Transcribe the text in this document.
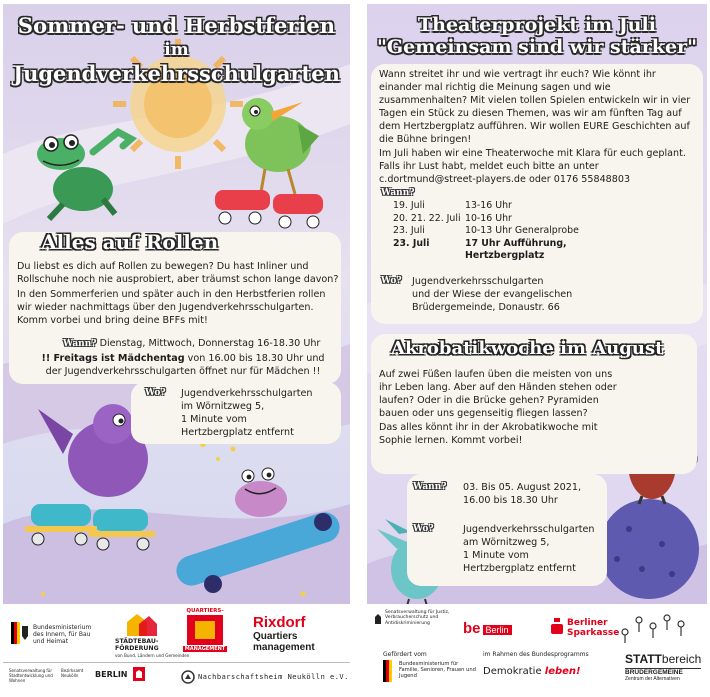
Sommer- und Herbstferien
im
Jugendverkehrsschulgarten
Alles auf Rollen
Du liebst es dich auf Rollen zu bewegen? Du hast Inliner und Rollschuhe noch nie ausprobiert, aber träumst schon lange davon?
In den Sommerferien und später auch in den Herbstferien rollen wir wieder nachmittags über den Jugendverkehrsschulgarten. Komm vorbei und bring deine BFFs mit!
Wann? Dienstag, Mittwoch, Donnerstag 16-18.30 Uhr
!! Freitags ist Mädchentag von 16.00 bis 18.30 Uhr und der Jugendverkehrsschulgarten öffnet nur für Mädchen !!
Wo? Jugendverkehrsschulgarten
im Wörnitzweg 5,
1 Minute vom
Hertzbergplatz entfernt
Bundesministerium
des Innern, für Bau
und Heimat	STÄDTEBAU-
FÖRDERUNG
von Bund, Ländern und Gemeinden
QUARTIERS-
MANAGEMENT
Rixdorf
Quartiers
management
Senatsverwaltung für Stadtentwicklung und Wohnen
Bezirksamt Neukölln	BERLIN	Nachbarschaftsheim Neukölln e.V.
Theaterprojekt im Juli
"Gemeinsam sind wir stärker"
Wann streitet ihr und wie vertragt ihr euch? Wie könnt ihr einander mal richtig die Meinung sagen und wie zusammenhalten? Mit vielen tollen Spielen entwickeln wir in vier Tagen ein Stück zu diesen Themen, was wir am fünften Tag auf dem Hertzbergplatz aufführen. Wir wollen EURE Geschichten auf die Bühne bringen!
Im Juli haben wir eine Theaterwoche mit Klara für euch geplant. Falls ihr Lust habt, meldet euch bitte an unter
c.dortmund@street-players.de oder 0176 55848803
Wann?
19. Juli	13-16 Uhr
20. 21. 22. Juli 10-16 Uhr
23. Juli	10-13 Uhr Generalprobe
23. Juli	17 Uhr Aufführung,
Hertzbergplatz
Wo? Jugendverkehrsschulgarten
und der Wiese der evangelischen
Brüdergemeinde, Donaustr. 66
Akrobatikwoche im August
Auf zwei Füßen laufen üben die meisten von uns ihr Leben lang. Aber auf den Händen stehen oder laufen? Oder in die Brücke gehen? Pyramiden bauen oder uns gegenseitig fliegen lassen?
Das alles könnt ihr in der Akrobatikwoche mit Sophie lernen. Kommt vorbei!
Wann? 03. Bis 05. August 2021,
16.00 bis 18.30 Uhr
Wo?	Jugendverkehrsschulgarten
am Wörnitzweg 5,
1 Minute vom
Hertzbergplatz entfernt
Senatsverwaltung für Justiz, Verbraucherschutz und Antidiskriminierung	be Berlin
Berliner
Sparkasse
Gefördert vom	im Rahmen des Bundesprogramms
Bundesministerium für Familie, Senioren, Frauen und Jugend	Demokratie leben!
STATTbereich
BRÜDERGEMEINE
Zentrum der Alternativen
